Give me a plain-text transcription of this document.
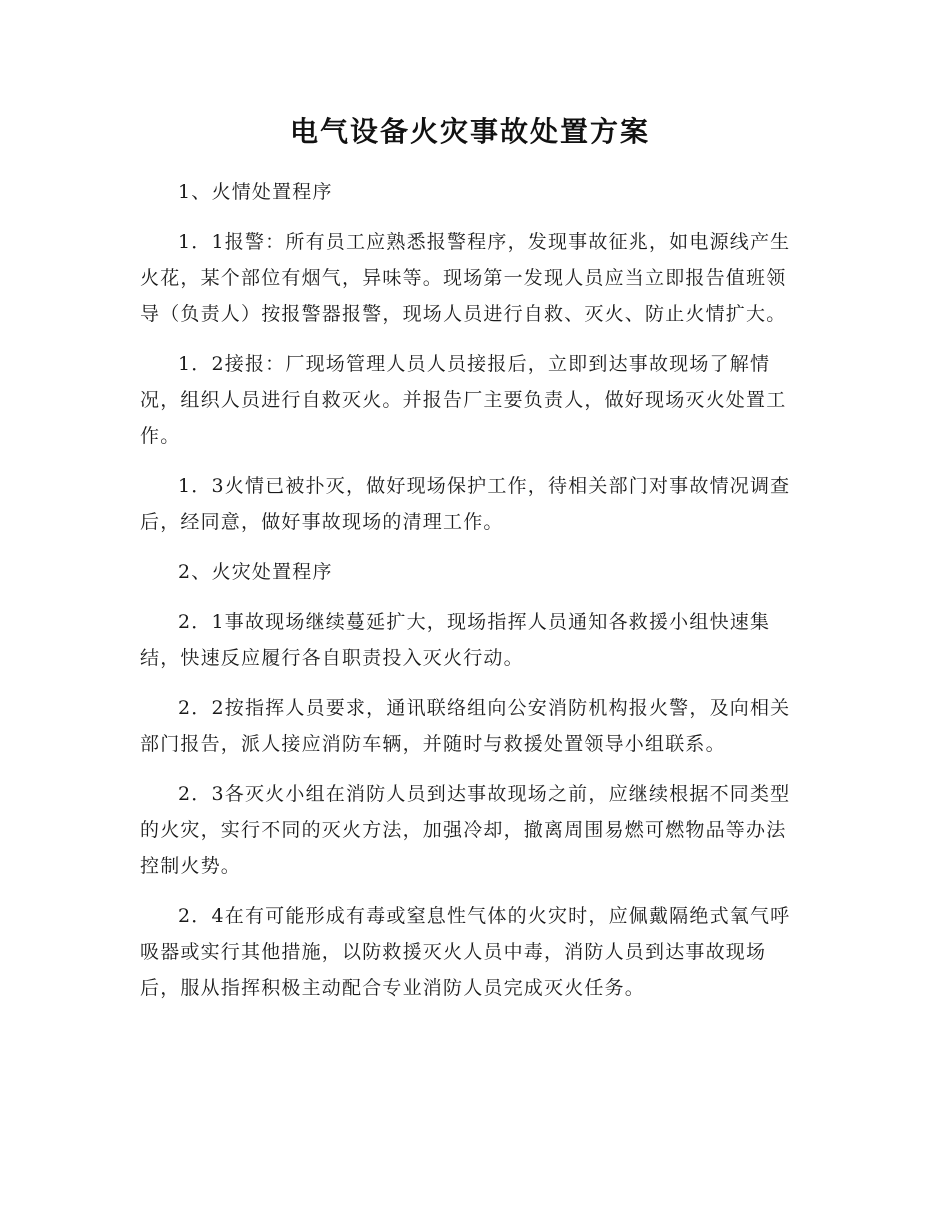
电气设备火灾事故处置方案

1、火情处置程序

1．1报警：所有员工应熟悉报警程序，发现事故征兆，如电源线产生火花，某个部位有烟气，异味等。现场第一发现人员应当立即报告值班领导（负责人）按报警器报警，现场人员进行自救、灭火、防止火情扩大。

1．2接报：厂现场管理人员人员接报后，立即到达事故现场了解情况，组织人员进行自救灭火。并报告厂主要负责人，做好现场灭火处置工作。

1．3火情已被扑灭，做好现场保护工作，待相关部门对事故情况调查后，经同意，做好事故现场的清理工作。

2、火灾处置程序

2．1事故现场继续蔓延扩大，现场指挥人员通知各救援小组快速集结，快速反应履行各自职责投入灭火行动。

2．2按指挥人员要求，通讯联络组向公安消防机构报火警，及向相关部门报告，派人接应消防车辆，并随时与救援处置领导小组联系。

2．3各灭火小组在消防人员到达事故现场之前，应继续根据不同类型的火灾，实行不同的灭火方法，加强冷却，撤离周围易燃可燃物品等办法控制火势。

2．4在有可能形成有毒或窒息性气体的火灾时，应佩戴隔绝式氧气呼吸器或实行其他措施，以防救援灭火人员中毒，消防人员到达事故现场后，服从指挥积极主动配合专业消防人员完成灭火任务。
